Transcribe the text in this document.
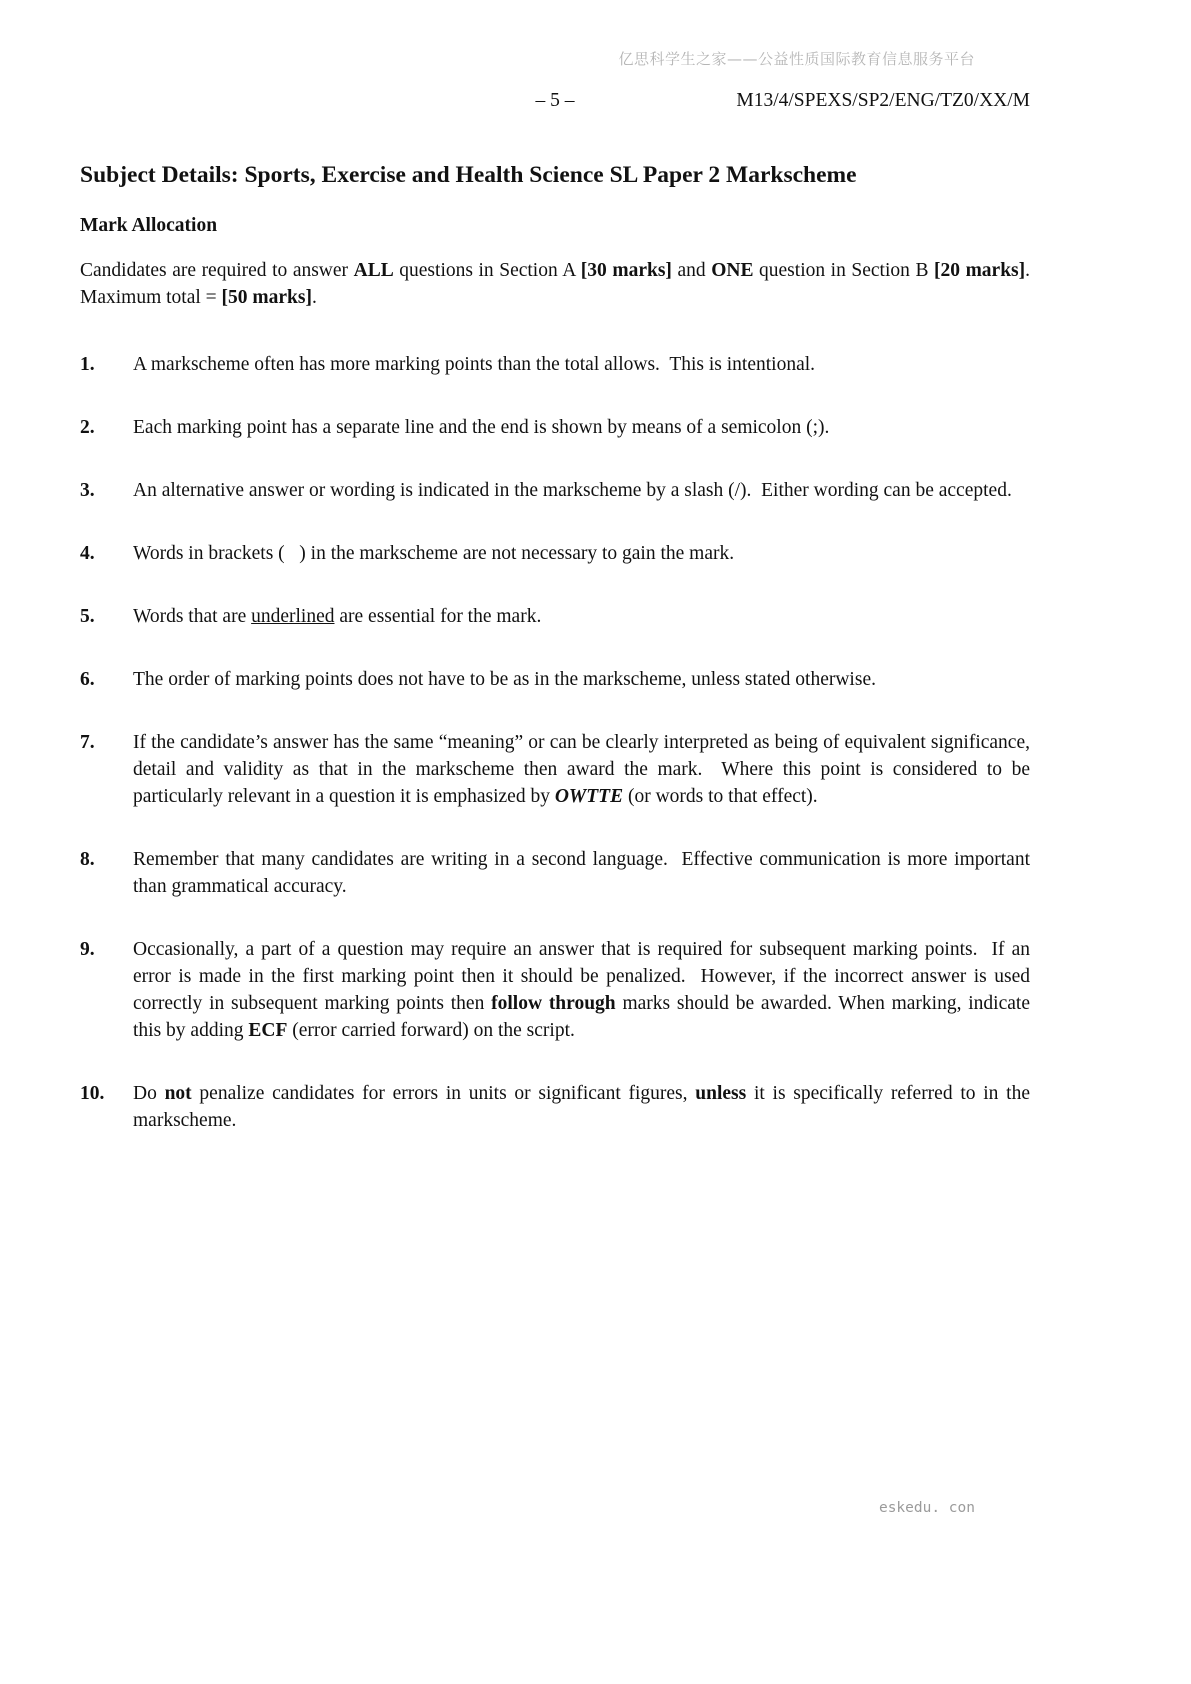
亿思科学生之家——公益性质国际教育信息服务平台
– 5 –	M13/4/SPEXS/SP2/ENG/TZ0/XX/M
Subject Details: Sports, Exercise and Health Science SL Paper 2 Markscheme
Mark Allocation

Candidates are required to answer ALL questions in Section A [30 marks] and ONE question in Section B [20 marks].  Maximum total = [50 marks].

1.	A markscheme often has more marking points than the total allows.  This is intentional.
2.	Each marking point has a separate line and the end is shown by means of a semicolon (;).
3.	An alternative answer or wording is indicated in the markscheme by a slash (/).  Either wording can be accepted.
4.	Words in brackets (   ) in the markscheme are not necessary to gain the mark.
5.	Words that are underlined are essential for the mark.
6.	The order of marking points does not have to be as in the markscheme, unless stated otherwise.
7.	If the candidate’s answer has the same “meaning” or can be clearly interpreted as being of equivalent significance, detail and validity as that in the markscheme then award the mark.  Where this point is considered to be particularly relevant in a question it is emphasized by OWTTE (or words to that effect).
8.	Remember that many candidates are writing in a second language.  Effective communication is more important than grammatical accuracy.
9.	Occasionally, a part of a question may require an answer that is required for subsequent marking points.  If an error is made in the first marking point then it should be penalized.  However, if the incorrect answer is used correctly in subsequent marking points then follow through marks should be awarded. When marking, indicate this by adding ECF (error carried forward) on the script.
10.	Do not penalize candidates for errors in units or significant figures, unless it is specifically referred to in the markscheme.
eskedu. con
